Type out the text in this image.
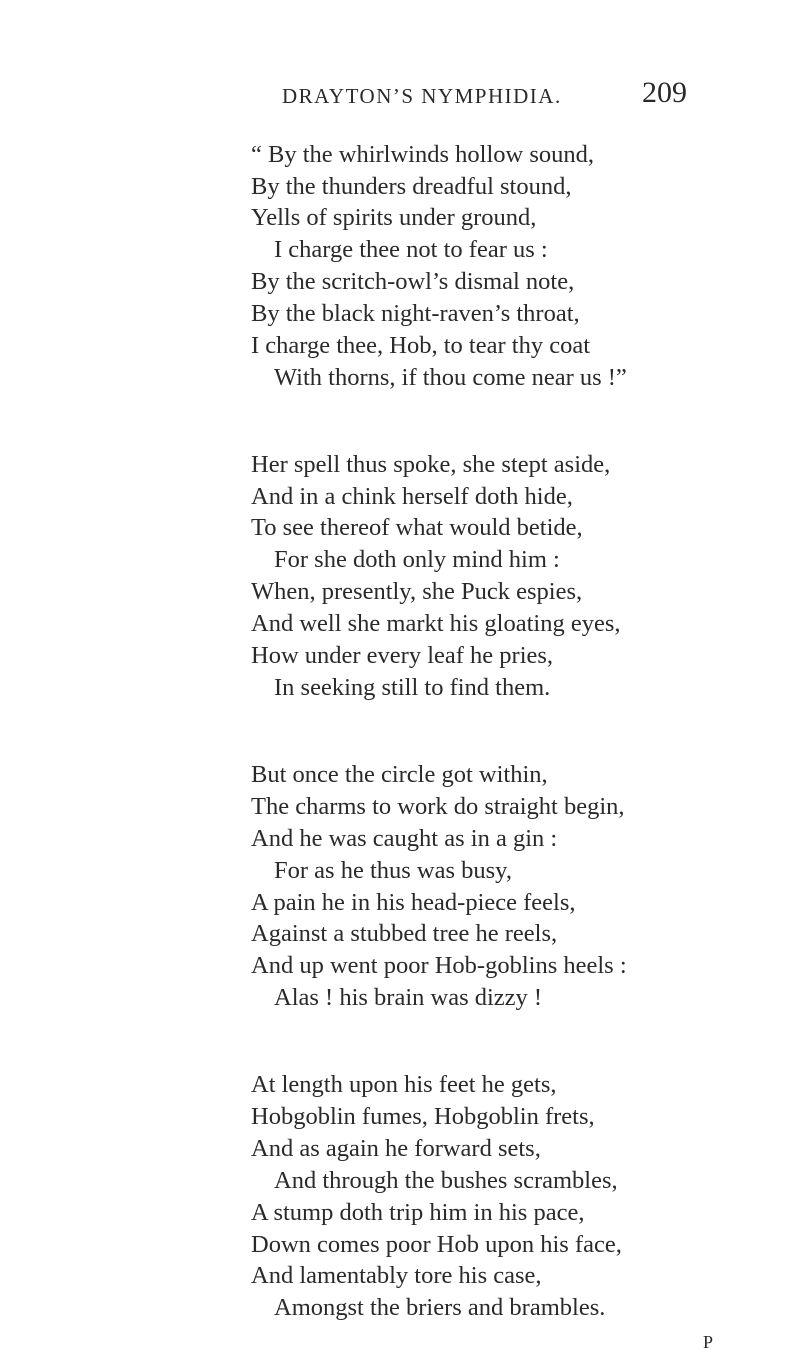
DRAYTON’S NYMPHIDIA.	209
“ By the whirlwinds hollow sound,
By the thunders dreadful stound,
Yells of spirits under ground,
I charge thee not to fear us :
By the scritch-owl’s dismal note,
By the black night-raven’s throat,
I charge thee, Hob, to tear thy coat
With thorns, if thou come near us !”
Her spell thus spoke, she stept aside,
And in a chink herself doth hide,
To see thereof what would betide,
For she doth only mind him :
When, presently, she Puck espies,
And well she markt his gloating eyes,
How under every leaf he pries,
In seeking still to find them.
But once the circle got within,
The charms to work do straight begin,
And he was caught as in a gin :
For as he thus was busy,
A pain he in his head-piece feels,
Against a stubbed tree he reels,
And up went poor Hob-goblins heels :
Alas ! his brain was dizzy !
At length upon his feet he gets,
Hobgoblin fumes, Hobgoblin frets,
And as again he forward sets,
And through the bushes scrambles,
A stump doth trip him in his pace,
Down comes poor Hob upon his face,
And lamentably tore his case,
Amongst the briers and brambles.
P
